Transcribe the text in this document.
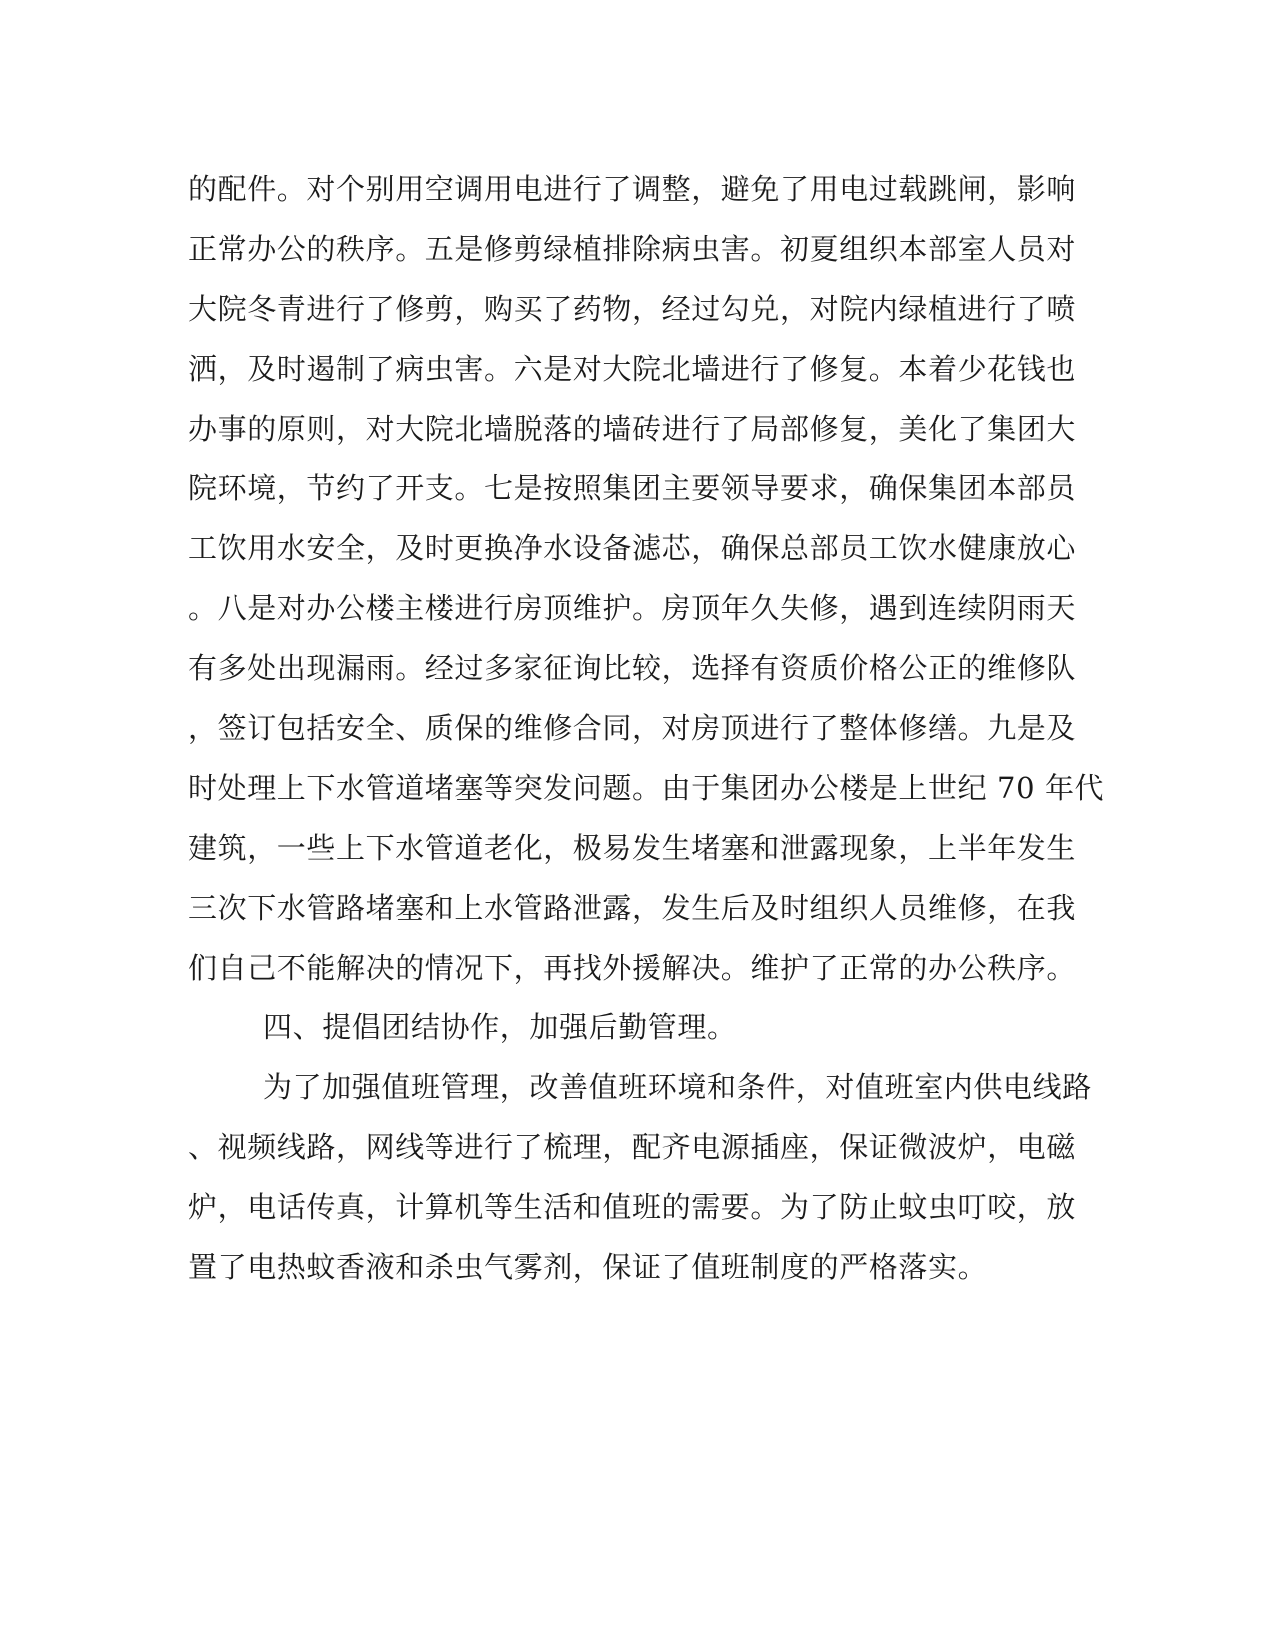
的配件。对个别用空调用电进行了调整，避免了用电过载跳闸，影响
正常办公的秩序。五是修剪绿植排除病虫害。初夏组织本部室人员对
大院冬青进行了修剪，购买了药物，经过勾兑，对院内绿植进行了喷
洒，及时遏制了病虫害。六是对大院北墙进行了修复。本着少花钱也
办事的原则，对大院北墙脱落的墙砖进行了局部修复，美化了集团大
院环境，节约了开支。七是按照集团主要领导要求，确保集团本部员
工饮用水安全，及时更换净水设备滤芯，确保总部员工饮水健康放心
。八是对办公楼主楼进行房顶维护。房顶年久失修，遇到连续阴雨天
有多处出现漏雨。经过多家征询比较，选择有资质价格公正的维修队
，签订包括安全、质保的维修合同，对房顶进行了整体修缮。九是及
时处理上下水管道堵塞等突发问题。由于集团办公楼是上世纪 70 年代
建筑，一些上下水管道老化，极易发生堵塞和泄露现象，上半年发生
三次下水管路堵塞和上水管路泄露，发生后及时组织人员维修，在我
们自己不能解决的情况下，再找外援解决。维护了正常的办公秩序。
四、提倡团结协作，加强后勤管理。
为了加强值班管理，改善值班环境和条件，对值班室内供电线路
、视频线路，网线等进行了梳理，配齐电源插座，保证微波炉，电磁
炉，电话传真，计算机等生活和值班的需要。为了防止蚊虫叮咬，放
置了电热蚊香液和杀虫气雾剂，保证了值班制度的严格落实。
